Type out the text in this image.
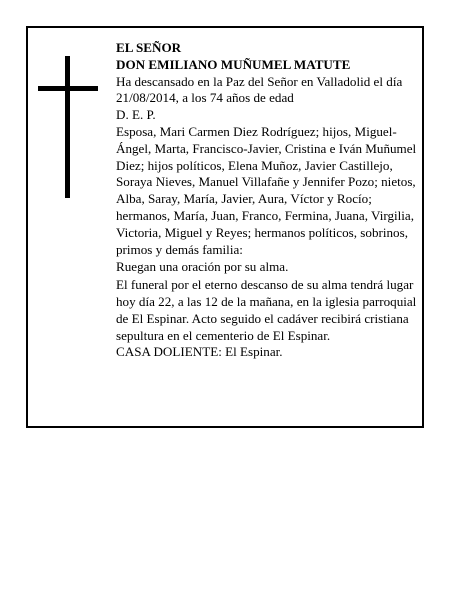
EL SEÑOR

DON EMILIANO MUÑUMEL MATUTE

Ha descansado en la Paz del Señor en Valladolid el día 21/08/2014, a los 74 años de edad

D. E. P.

Esposa, Mari Carmen Diez Rodríguez; hijos, Miguel-Ángel, Marta, Francisco-Javier, Cristina e Iván Muñumel Diez; hijos políticos, Elena Muñoz, Javier Castillejo, Soraya Nieves, Manuel Villafañe y Jennifer Pozo; nietos, Alba, Saray, María, Javier, Aura, Víctor y Rocío; hermanos, María, Juan, Franco, Fermina, Juana, Virgilia, Victoria, Miguel y Reyes; hermanos políticos, sobrinos, primos y demás familia:

Ruegan una oración por su alma.

El funeral por el eterno descanso de su alma tendrá lugar hoy día 22, a las 12 de la mañana, en la iglesia parroquial de El Espinar. Acto seguido el cadáver recibirá cristiana sepultura en el cementerio de El Espinar.

CASA DOLIENTE: El Espinar.
